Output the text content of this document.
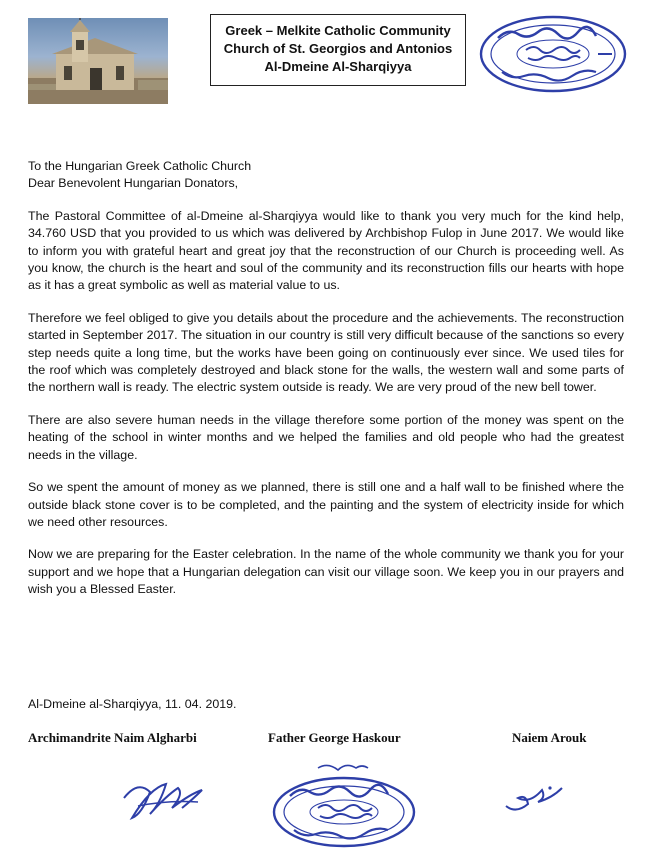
Greek – Melkite Catholic Community
Church of St. Georgios and Antonios
Al-Dmeine Al-Sharqiyya
To the Hungarian Greek Catholic Church
Dear Benevolent Hungarian Donators,

The Pastoral Committee of al-Dmeine al-Sharqiyya would like to thank you very much for the kind help, 34.760 USD that you provided to us which was delivered by Archbishop Fulop in June 2017. We would like to inform you with grateful heart and great joy that the reconstruction of our Church is proceeding well. As you know, the church is the heart and soul of the community and its reconstruction fills our hearts with hope as it has a great symbolic as well as material value to us.

Therefore we feel obliged to give you details about the procedure and the achievements. The reconstruction started in September 2017. The situation in our country is still very difficult because of the sanctions so every step needs quite a long time, but the works have been going on continuously ever since. We used tiles for the roof which was completely destroyed and black stone for the walls, the western wall and some parts of the northern wall is ready. The electric system outside is ready. We are very proud of the new bell tower.

There are also severe human needs in the village therefore some portion of the money was spent on the heating of the school in winter months and we helped the families and old people who had the greatest needs in the village.

So we spent the amount of money as we planned, there is still one and a half wall to be finished where the outside black stone cover is to be completed, and the painting and the system of electricity inside for which we need other resources.

Now we are preparing for the Easter celebration. In the name of the whole community we thank you for your support and we hope that a Hungarian delegation can visit our village soon. We keep you in our prayers and wish you a Blessed Easter.

Al-Dmeine al-Sharqiyya, 11. 04. 2019.
Archimandrite Naim Algharbi	Father George Haskour	Naiem Arouk
